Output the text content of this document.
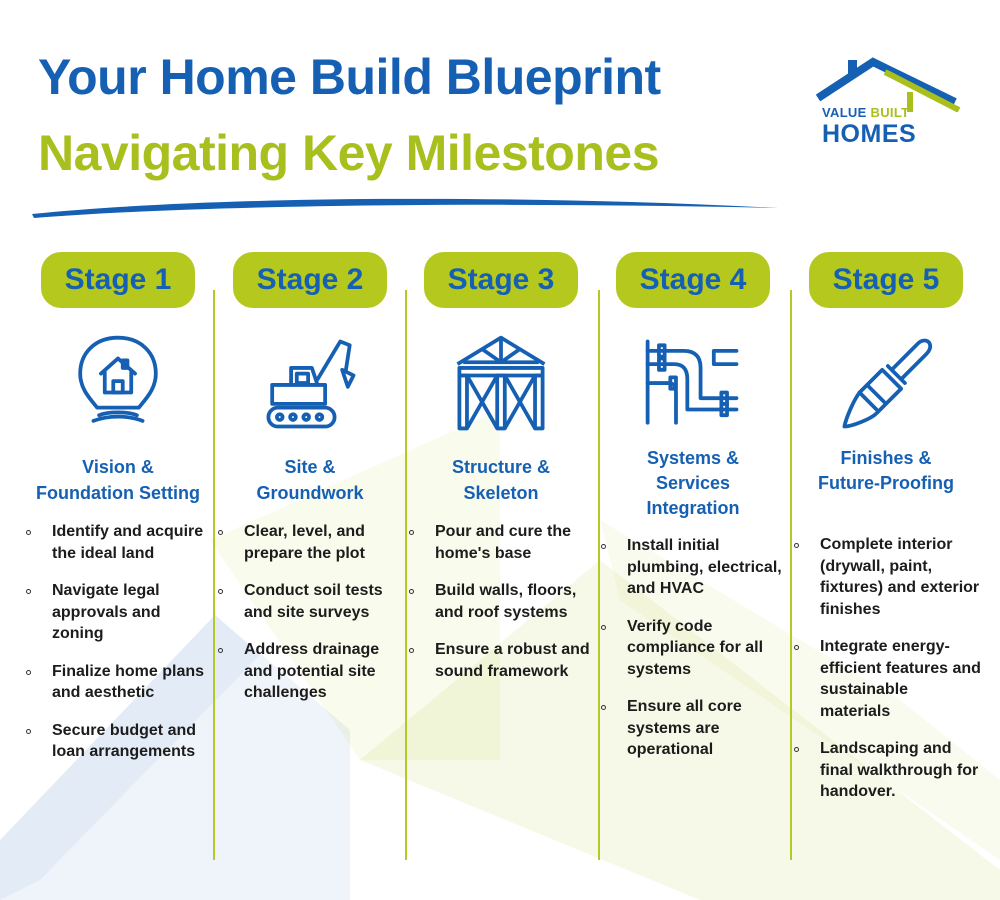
Your Home Build Blueprint
Navigating Key Milestones
VALUE BUILT
HOMES
Stage 1
Vision &
Foundation Setting
Identify and acquire the ideal land
Navigate legal approvals and zoning
Finalize home plans and aesthetic
Secure budget and loan arrangements
Stage 2
Site &
Groundwork
Clear, level, and prepare the plot
Conduct soil tests and site surveys
Address drainage and potential site challenges
Stage 3
Structure &
Skeleton
Pour and cure the home's base
Build walls, floors, and roof systems
Ensure a robust and sound framework
Stage 4
Systems &
Services
Integration
Install initial plumbing, electrical, and HVAC
Verify code compliance for all systems
Ensure all core systems are operational
Stage 5
Finishes &
Future-Proofing
Complete interior (drywall, paint, fixtures) and exterior finishes
Integrate energy-efficient features and sustainable materials
Landscaping and final walkthrough for handover.
